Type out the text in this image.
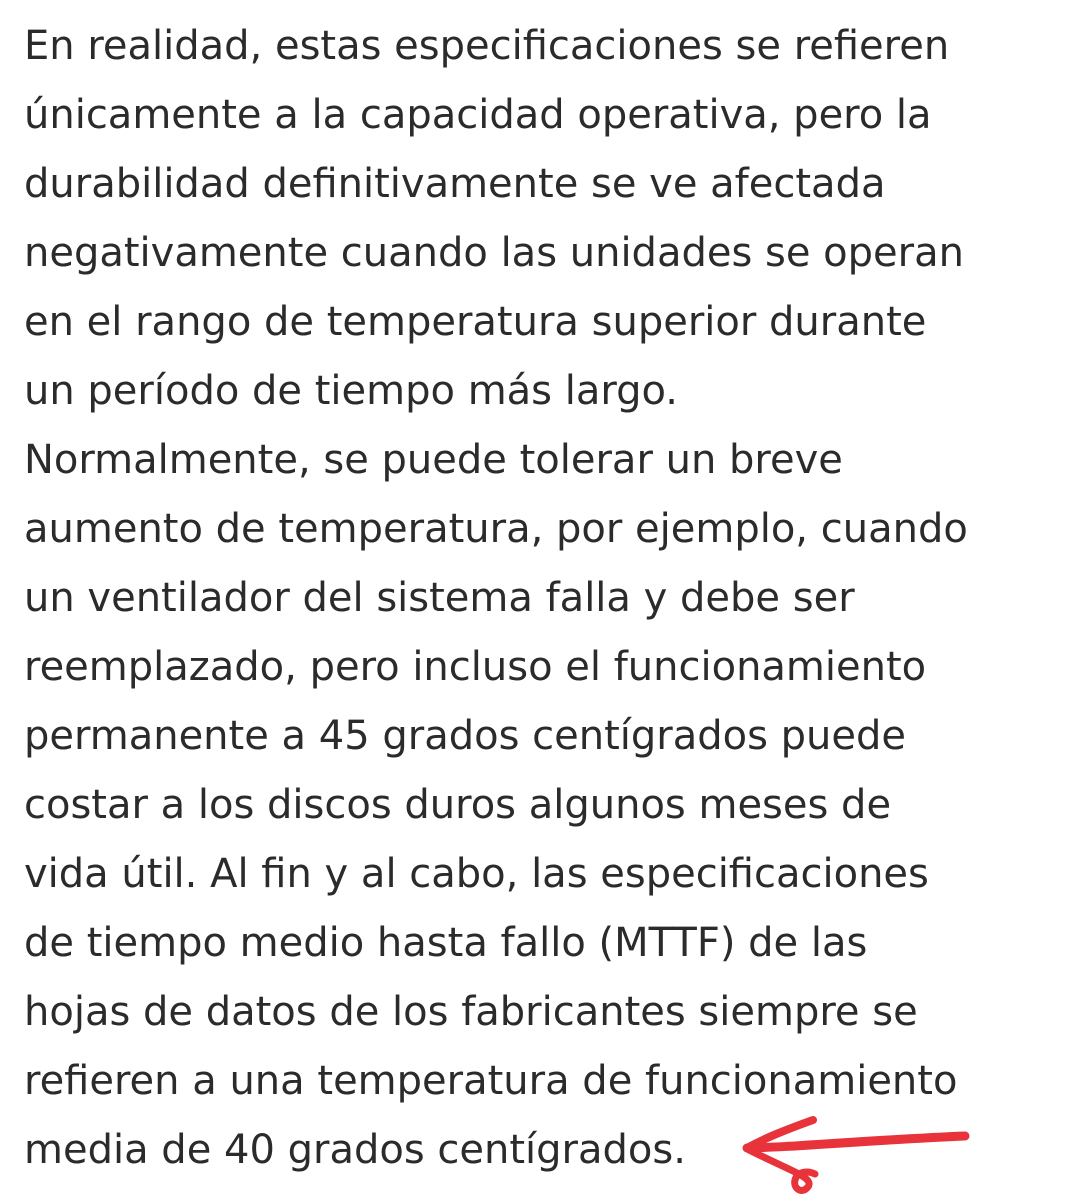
En realidad, estas especificaciones se refieren
únicamente a la capacidad operativa, pero la
durabilidad definitivamente se ve afectada
negativamente cuando las unidades se operan
en el rango de temperatura superior durante
un período de tiempo más largo.
Normalmente, se puede tolerar un breve
aumento de temperatura, por ejemplo, cuando
un ventilador del sistema falla y debe ser
reemplazado, pero incluso el funcionamiento
permanente a 45 grados centígrados puede
costar a los discos duros algunos meses de
vida útil. Al fin y al cabo, las especificaciones
de tiempo medio hasta fallo (MTTF) de las
hojas de datos de los fabricantes siempre se
refieren a una temperatura de funcionamiento
media de 40 grados centígrados.
